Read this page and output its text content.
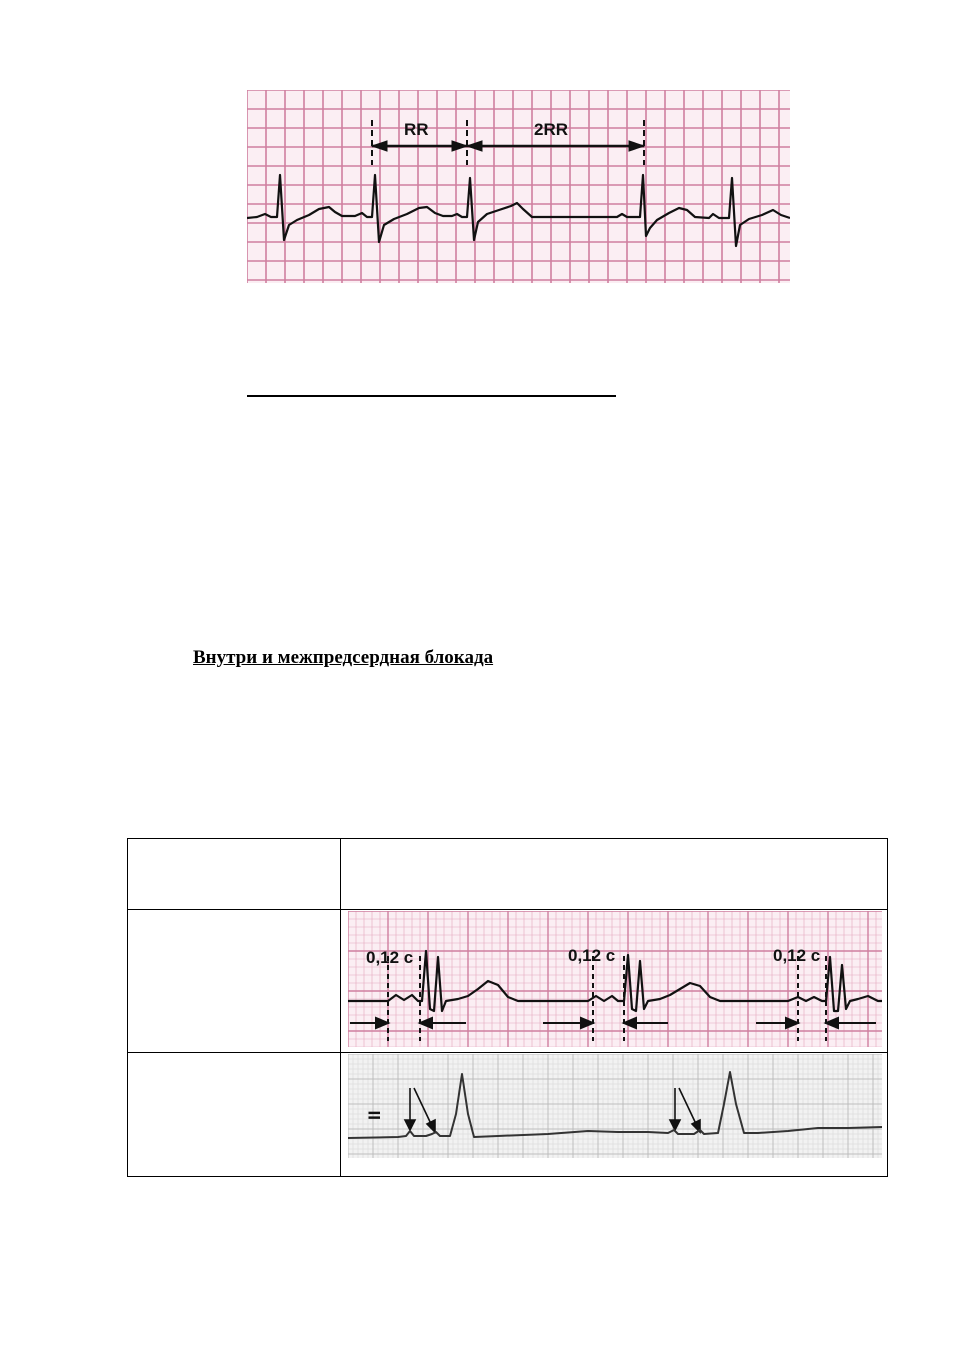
RR	2RR
Внутри и межпредсердная блокада

0,12 с 0,12 с 0,12 с

II
